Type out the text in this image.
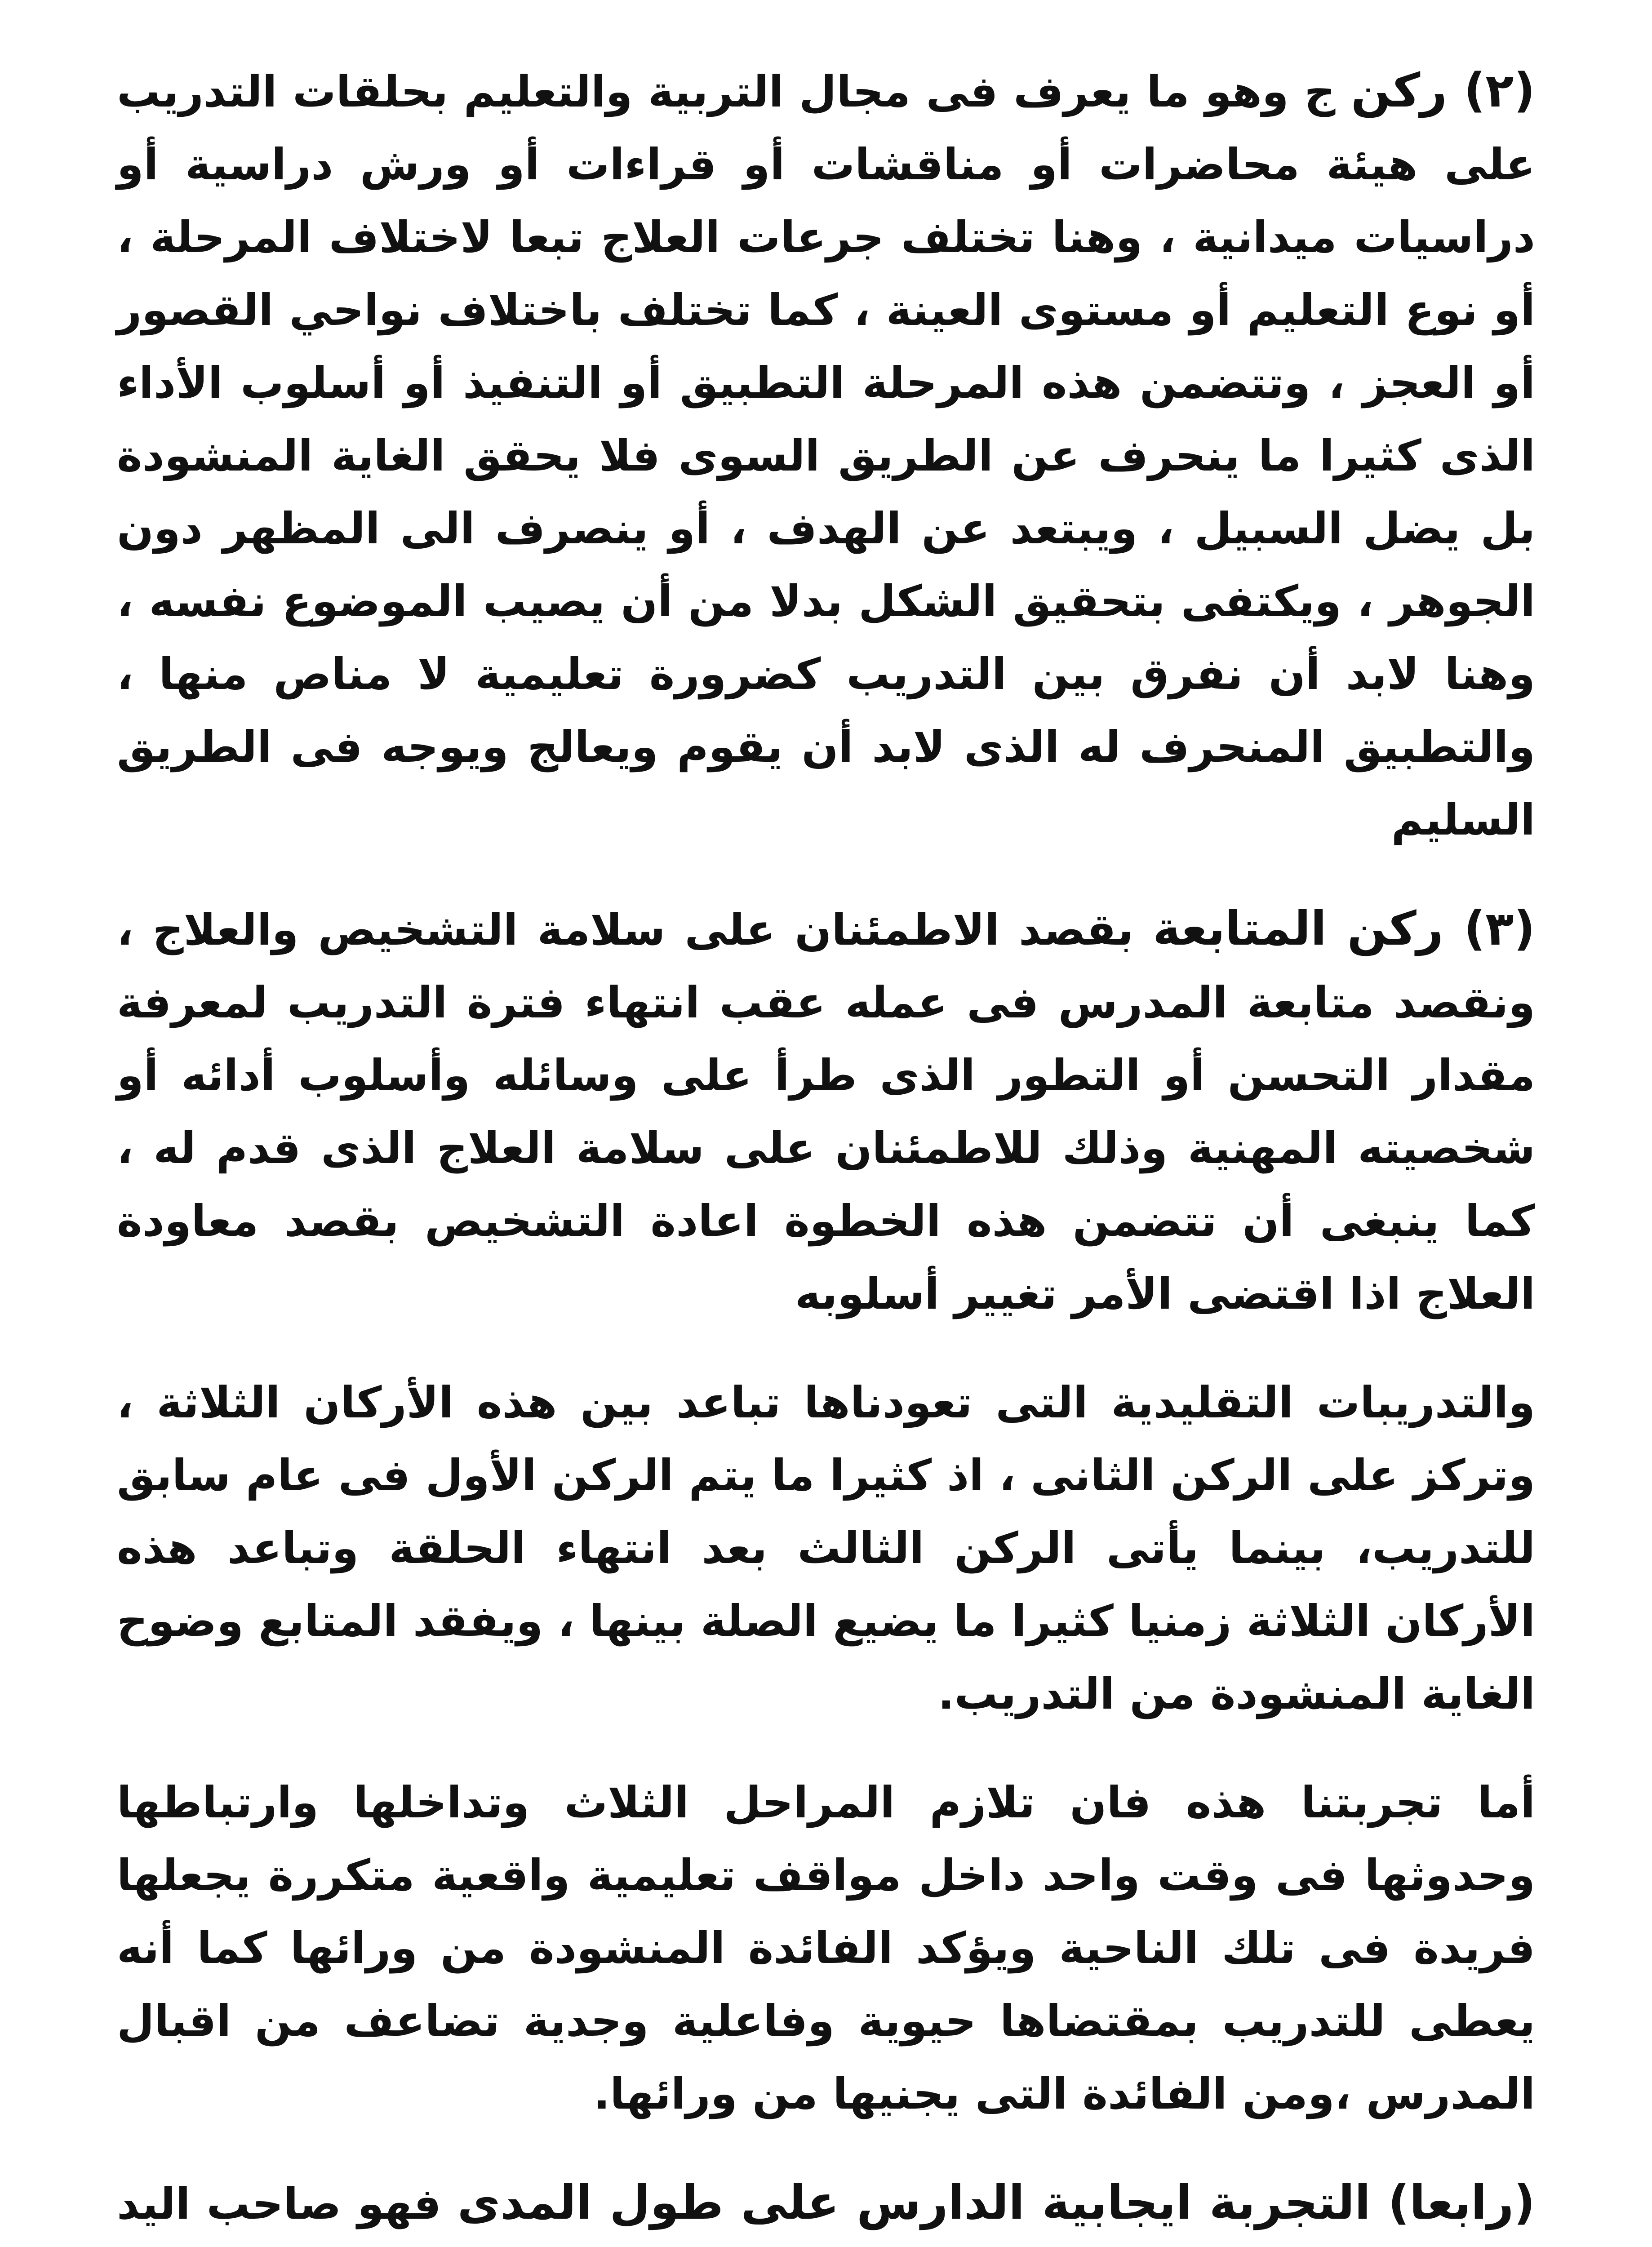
(٢) ركن ج وهو ما يعرف فى مجال التربية والتعليم بحلقات التدريب على هيئة محاضرات أو مناقشات أو قراءات أو ورش دراسية أو دراسيات ميدانية ، وهنا تختلف جرعات العلاج تبعا لاختلاف المرحلة ، أو نوع التعليم أو مستوى العينة ، كما تختلف باختلاف نواحي القصور أو العجز ، وتتضمن هذه المرحلة التطبيق أو التنفيذ أو أسلوب الأداء الذى كثيرا ما ينحرف عن الطريق السوى فلا يحقق الغاية المنشودة بل يضل السبيل ، ويبتعد عن الهدف ، أو ينصرف الى المظهر دون الجوهر ، ويكتفى بتحقيق الشكل بدلا من أن يصيب الموضوع نفسه ، وهنا لابد أن نفرق بين التدريب كضرورة تعليمية لا مناص منها ، والتطبيق المنحرف له الذى لابد أن يقوم ويعالج ويوجه فى الطريق السليم

(٣) ركن المتابعة بقصد الاطمئنان على سلامة التشخيص والعلاج ، ونقصد متابعة المدرس فى عمله عقب انتهاء فترة التدريب لمعرفة مقدار التحسن أو التطور الذى طرأ على وسائله وأسلوب أدائه أو شخصيته المهنية وذلك للاطمئنان على سلامة العلاج الذى قدم له ، كما ينبغى أن تتضمن هذه الخطوة اعادة التشخيص بقصد معاودة العلاج اذا اقتضى الأمر تغيير أسلوبه

والتدريبات التقليدية التى تعودناها تباعد بين هذه الأركان الثلاثة ، وتركز على الركن الثانى ، اذ كثيرا ما يتم الركن الأول فى عام سابق للتدريب، بينما يأتى الركن الثالث بعد انتهاء الحلقة وتباعد هذه الأركان الثلاثة زمنيا كثيرا ما يضيع الصلة بينها ، ويفقد المتابع وضوح الغاية المنشودة من التدريب.

أما تجربتنا هذه فان تلازم المراحل الثلاث وتداخلها وارتباطها وحدوثها فى وقت واحد داخل مواقف تعليمية واقعية متكررة يجعلها فريدة فى تلك الناحية ويؤكد الفائدة المنشودة من ورائها كما أنه يعطى للتدريب بمقتضاها حيوية وفاعلية وجدية تضاعف من اقبال المدرس ،ومن الفائدة التى يجنيها من ورائها.

(رابعا) التجربة ايجابية الدارس على طول المدى فهو صاحب اليد
